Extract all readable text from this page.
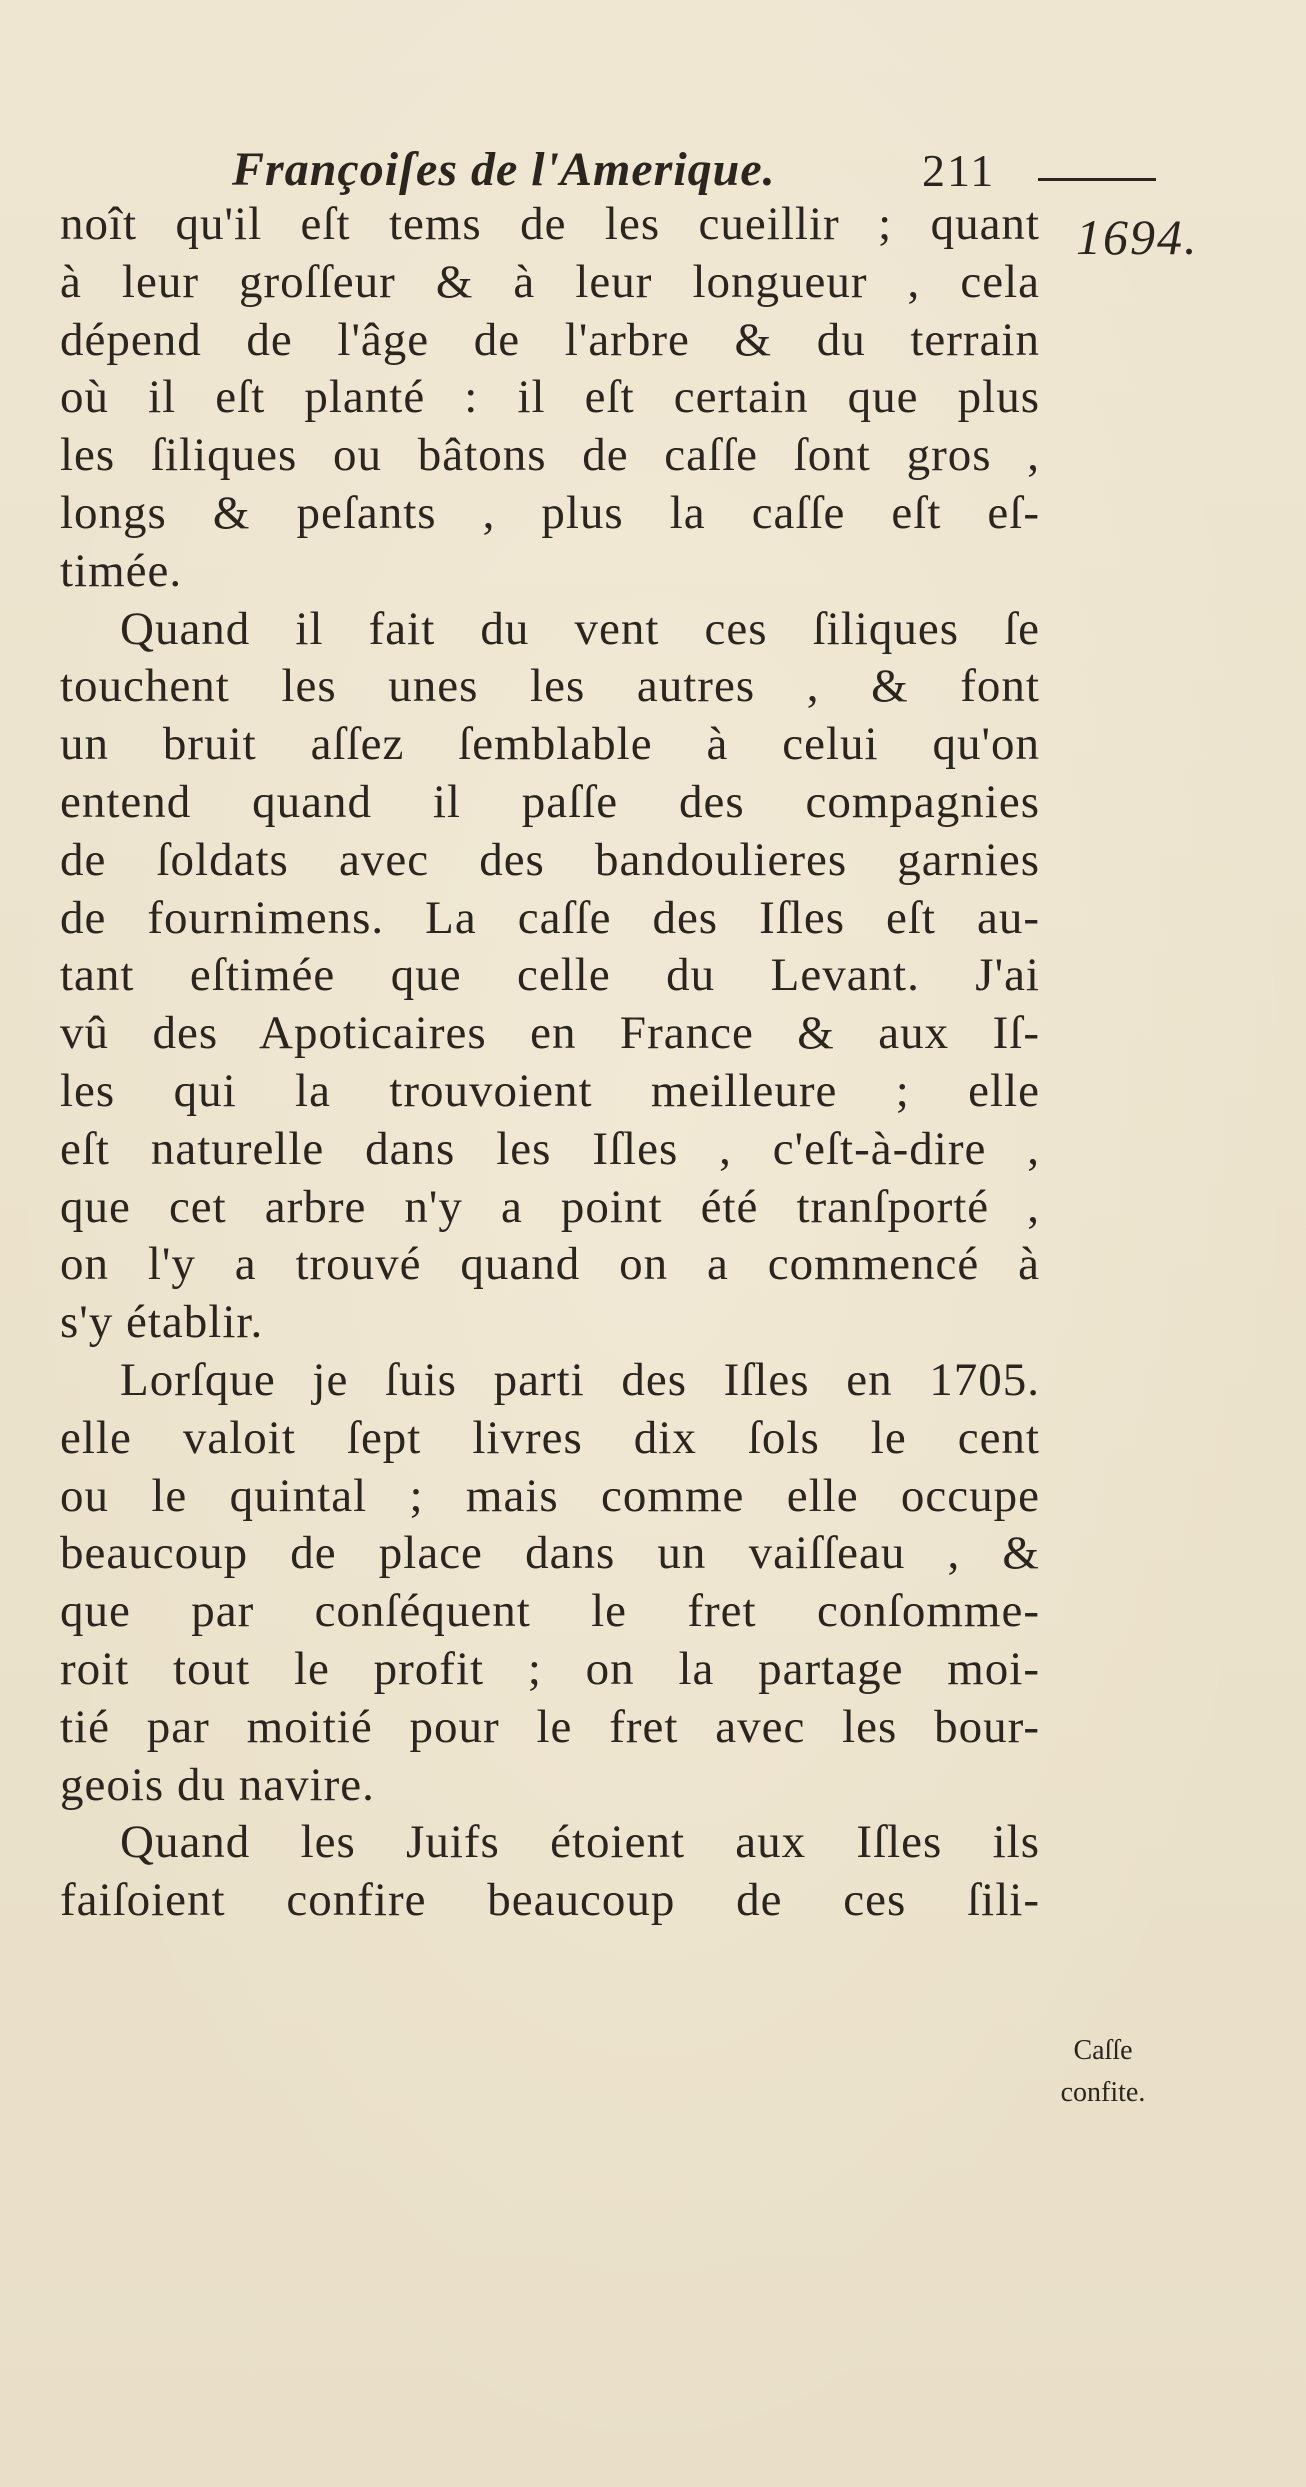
Françoiſes de l'Amerique.	211
1694.
noît qu'il eſt tems de les cueillir ; quant
à leur groſſeur & à leur longueur , cela
dépend de l'âge de l'arbre & du terrain
où il eſt planté : il eſt certain que plus
les ſiliques ou bâtons de caſſe ſont gros ,
longs & peſants , plus la caſſe eſt eſ-
timée.
Quand il fait du vent ces ſiliques ſe
touchent les unes les autres , & font
un bruit aſſez ſemblable à celui qu'on
entend quand il paſſe des compagnies
de ſoldats avec des bandoulieres garnies
de fournimens. La caſſe des Iſles eſt au-
tant eſtimée que celle du Levant. J'ai
vû des Apoticaires en France & aux Iſ-
les qui la trouvoient meilleure ; elle
eſt naturelle dans les Iſles , c'eſt-à-dire ,
que cet arbre n'y a point été tranſporté ,
on l'y a trouvé quand on a commencé à
s'y établir.
Lorſque je ſuis parti des Iſles en 1705.
elle valoit ſept livres dix ſols le cent
ou le quintal ; mais comme elle occupe
beaucoup de place dans un vaiſſeau , &
que par conſéquent le fret conſomme-
roit tout le profit ; on la partage moi-
tié par moitié pour le fret avec les bour-
geois du navire.
Quand les Juifs étoient aux Iſles ils
faiſoient confire beaucoup de ces ſili-
Caſſe
confite.
